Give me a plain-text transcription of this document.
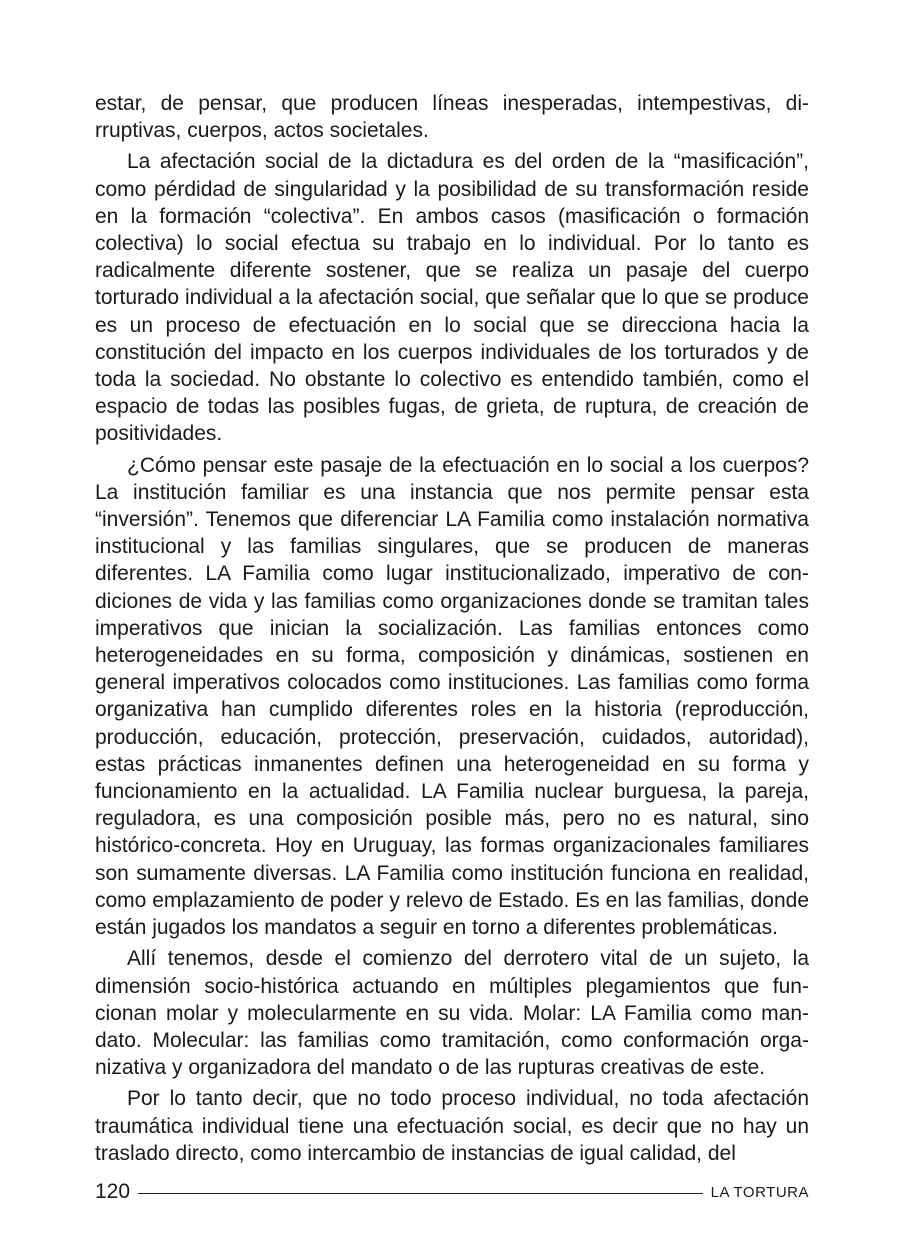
estar, de pensar, que producen líneas inesperadas, intempestivas, dirruptivas, cuerpos, actos societales.

La afectación social de la dictadura es del orden de la “masificación”, como pérdidad de singularidad y la posibilidad de su transformación reside en la formación “colectiva”. En ambos casos (masificación o formación colectiva) lo social efectua su trabajo en lo individual. Por lo tanto es radicalmente diferente sostener, que se realiza un pasaje del cuerpo torturado individual a la afectación social, que señalar que lo que se produce es un proceso de efectuación en lo social que se direcciona hacia la constitución del impacto en los cuerpos individuales de los torturados y de toda la sociedad. No obstante lo colectivo es entendido también, como el espacio de todas las posibles fugas, de grieta, de ruptura, de creación de positividades.

¿Cómo pensar este pasaje de la efectuación en lo social a los cuerpos? La institución familiar es una instancia que nos permite pensar esta “inversión”. Tenemos que diferenciar LA Familia como instalación normativa institucional y las familias singulares, que se producen de maneras diferentes. LA Familia como lugar institucionalizado, imperativo de condiciones de vida y las familias como organizaciones donde se tramitan tales imperativos que inician la socialización. Las familias entonces como heterogeneidades en su forma, composición y dinámicas, sostienen en general imperativos colocados como instituciones. Las familias como forma organizativa han cumplido diferentes roles en la historia (reproducción, producción, educación, protección, preservación, cuidados, autoridad), estas prácticas inmanentes definen una heterogeneidad en su forma y funcionamiento en la actualidad. LA Familia nuclear burguesa, la pareja, reguladora, es una composición posible más, pero no es natural, sino histórico-concreta. Hoy en Uruguay, las formas organizacionales familiares son sumamente diversas. LA Familia como institución funciona en realidad, como emplazamiento de poder y relevo de Estado. Es en las familias, donde están jugados los mandatos a seguir en torno a diferentes problemáticas.

Allí tenemos, desde el comienzo del derrotero vital de un sujeto, la dimensión socio-histórica actuando en múltiples plegamientos que funcionan molar y molecularmente en su vida. Molar: LA Familia como mandato. Molecular: las familias como tramitación, como conformación organizativa y organizadora del mandato o de las rupturas creativas de este.

Por lo tanto decir, que no todo proceso individual, no toda afectación traumática individual tiene una efectuación social, es decir que no hay un traslado directo, como intercambio de instancias de igual calidad, del

120	LA TORTURA
